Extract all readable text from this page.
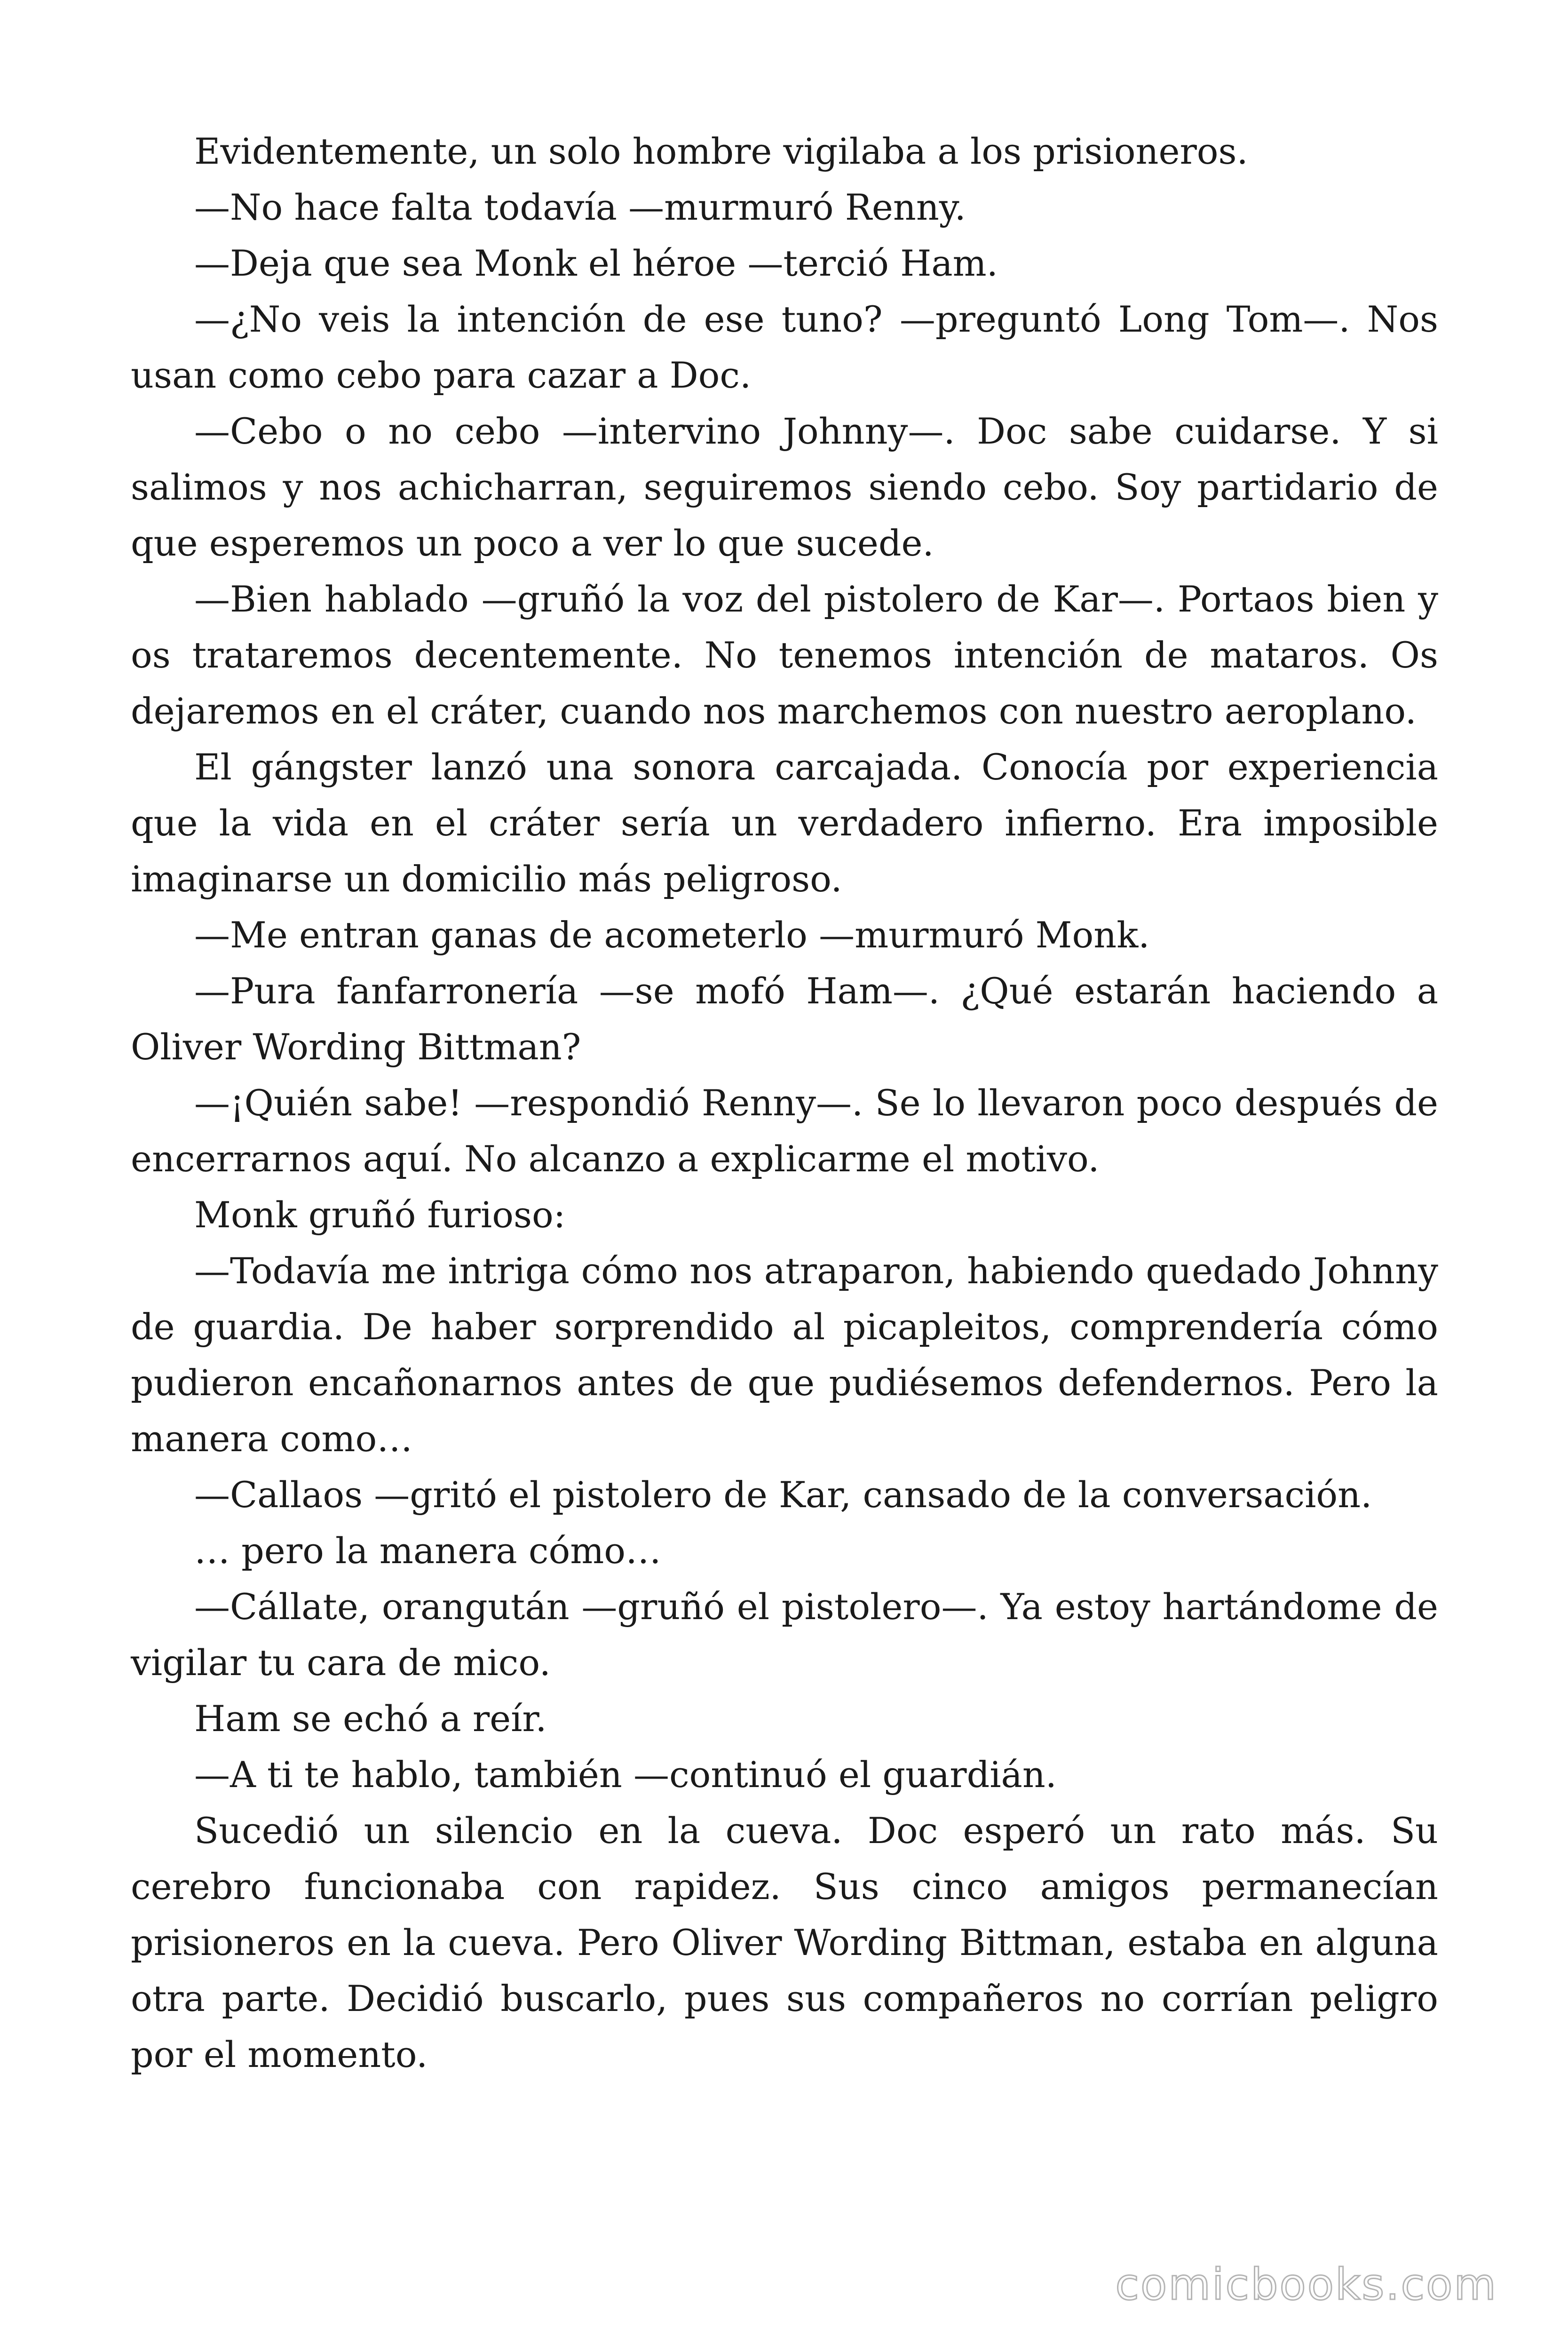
Evidentemente, un solo hombre vigilaba a los prisioneros.

—No hace falta todavía —murmuró Renny.

—Deja que sea Monk el héroe —terció Ham.

—¿No veis la intención de ese tuno? —preguntó Long Tom—. Nos usan como cebo para cazar a Doc.

—Cebo o no cebo —intervino Johnny—. Doc sabe cuidarse. Y si salimos y nos achicharran, seguiremos siendo cebo. Soy partidario de que esperemos un poco a ver lo que sucede.

—Bien hablado —gruñó la voz del pistolero de Kar—. Portaos bien y os trataremos decentemente. No tenemos intención de mataros. Os dejaremos en el cráter, cuando nos marchemos con nuestro aeroplano.

El gángster lanzó una sonora carcajada. Conocía por experiencia que la vida en el cráter sería un verdadero infierno. Era imposible imaginarse un domicilio más peligroso.

—Me entran ganas de acometerlo —murmuró Monk.

—Pura fanfarronería —se mofó Ham—. ¿Qué estarán haciendo a Oliver Wording Bittman?

—¡Quién sabe! —respondió Renny—. Se lo llevaron poco después de encerrarnos aquí. No alcanzo a explicarme el motivo.

Monk gruñó furioso:

—Todavía me intriga cómo nos atraparon, habiendo quedado Johnny de guardia. De haber sorprendido al picapleitos, comprendería cómo pudieron encañonarnos antes de que pudiésemos defendernos. Pero la manera como…

—Callaos —gritó el pistolero de Kar, cansado de la conversación.

… pero la manera cómo…

—Cállate, orangután —gruñó el pistolero—. Ya estoy hartándome de vigilar tu cara de mico.

Ham se echó a reír.

—A ti te hablo, también —continuó el guardián.

Sucedió un silencio en la cueva. Doc esperó un rato más. Su cerebro funcionaba con rapidez. Sus cinco amigos permanecían prisioneros en la cueva. Pero Oliver Wording Bittman, estaba en alguna otra parte. Decidió buscarlo, pues sus compañeros no corrían peligro por el momento.

comicbooks.com
